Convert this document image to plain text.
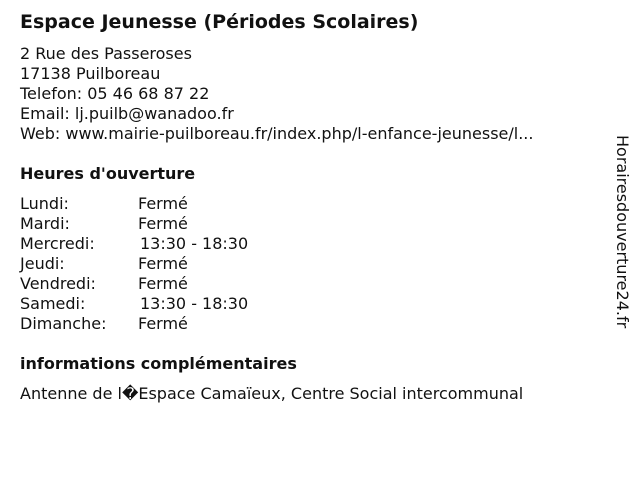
Espace Jeunesse (Périodes Scolaires)
2 Rue des Passeroses
17138 Puilboreau
Telefon: 05 46 68 87 22
Email: lj.puilb@wanadoo.fr
Web: www.mairie-puilboreau.fr/index.php/l-enfance-jeunesse/l...
Heures d'ouverture
Lundi:	Fermé
Mardi:	Fermé
Mercredi:	13:30 - 18:30
Jeudi:	Fermé
Vendredi:	Fermé
Samedi:	13:30 - 18:30
Dimanche:	Fermé
informations complémentaires
Antenne de l�Espace Camaïeux, Centre Social intercommunal
Horairesdouverture24.fr
